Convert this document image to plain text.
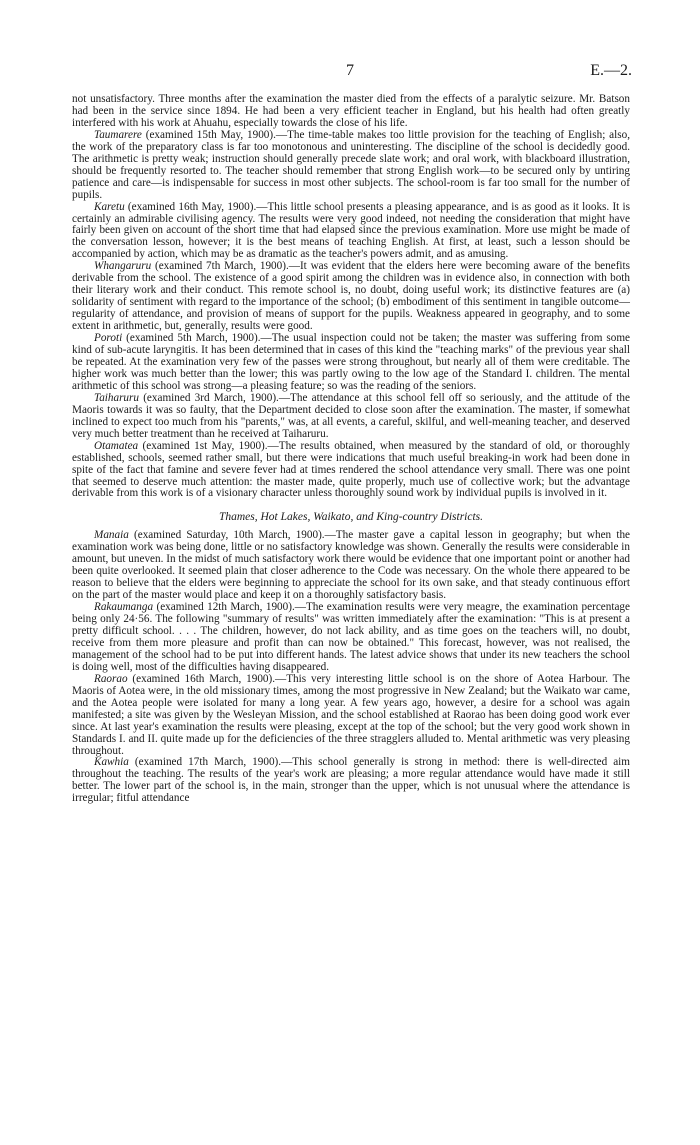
7	E.—2.

not unsatisfactory. Three months after the examination the master died from the effects of a paralytic seizure. Mr. Batson had been in the service since 1894. He had been a very efficient teacher in England, but his health had often greatly interfered with his work at Ahuahu, especially towards the close of his life.

Taumarere (examined 15th May, 1900).—The time-table makes too little provision for the teaching of English; also, the work of the preparatory class is far too monotonous and uninteresting. The discipline of the school is decidedly good. The arithmetic is pretty weak; instruction should generally precede slate work; and oral work, with blackboard illustration, should be frequently resorted to. The teacher should remember that strong English work—to be secured only by untiring patience and care—is indispensable for success in most other subjects. The school-room is far too small for the number of pupils.

Karetu (examined 16th May, 1900).—This little school presents a pleasing appearance, and is as good as it looks. It is certainly an admirable civilising agency. The results were very good indeed, not needing the consideration that might have fairly been given on account of the short time that had elapsed since the previous examination. More use might be made of the conversation lesson, however; it is the best means of teaching English. At first, at least, such a lesson should be accompanied by action, which may be as dramatic as the teacher's powers admit, and as amusing.

Whangaruru (examined 7th March, 1900).—It was evident that the elders here were becoming aware of the benefits derivable from the school. The existence of a good spirit among the children was in evidence also, in connection with both their literary work and their conduct. This remote school is, no doubt, doing useful work; its distinctive features are (a) solidarity of sentiment with regard to the importance of the school; (b) embodiment of this sentiment in tangible outcome—regularity of attendance, and provision of means of support for the pupils. Weakness appeared in geography, and to some extent in arithmetic, but, generally, results were good.

Poroti (examined 5th March, 1900).—The usual inspection could not be taken; the master was suffering from some kind of sub-acute laryngitis. It has been determined that in cases of this kind the "teaching marks" of the previous year shall be repeated. At the examination very few of the passes were strong throughout, but nearly all of them were creditable. The higher work was much better than the lower; this was partly owing to the low age of the Standard I. children. The mental arithmetic of this school was strong—a pleasing feature; so was the reading of the seniors.

Taiharuru (examined 3rd March, 1900).—The attendance at this school fell off so seriously, and the attitude of the Maoris towards it was so faulty, that the Department decided to close soon after the examination. The master, if somewhat inclined to expect too much from his "parents," was, at all events, a careful, skilful, and well-meaning teacher, and deserved very much better treatment than he received at Taiharuru.

Otamatea (examined 1st May, 1900).—The results obtained, when measured by the standard of old, or thoroughly established, schools, seemed rather small, but there were indications that much useful breaking-in work had been done in spite of the fact that famine and severe fever had at times rendered the school attendance very small. There was one point that seemed to deserve much attention: the master made, quite properly, much use of collective work; but the advantage derivable from this work is of a visionary character unless thoroughly sound work by individual pupils is involved in it.

Thames, Hot Lakes, Waikato, and King-country Districts.

Manaia (examined Saturday, 10th March, 1900).—The master gave a capital lesson in geography; but when the examination work was being done, little or no satisfactory knowledge was shown. Generally the results were considerable in amount, but uneven. In the midst of much satisfactory work there would be evidence that one important point or another had been quite overlooked. It seemed plain that closer adherence to the Code was necessary. On the whole there appeared to be reason to believe that the elders were beginning to appreciate the school for its own sake, and that steady continuous effort on the part of the master would place and keep it on a thoroughly satisfactory basis.

Rakaumanga (examined 12th March, 1900).—The examination results were very meagre, the examination percentage being only 24·56. The following "summary of results" was written immediately after the examination: "This is at present a pretty difficult school. . . . The children, however, do not lack ability, and as time goes on the teachers will, no doubt, receive from them more pleasure and profit than can now be obtained." This forecast, however, was not realised, the management of the school had to be put into different hands. The latest advice shows that under its new teachers the school is doing well, most of the difficulties having disappeared.

Raorao (examined 16th March, 1900).—This very interesting little school is on the shore of Aotea Harbour. The Maoris of Aotea were, in the old missionary times, among the most progressive in New Zealand; but the Waikato war came, and the Aotea people were isolated for many a long year. A few years ago, however, a desire for a school was again manifested; a site was given by the Wesleyan Mission, and the school established at Raorao has been doing good work ever since. At last year's examination the results were pleasing, except at the top of the school; but the very good work shown in Standards I. and II. quite made up for the deficiencies of the three stragglers alluded to. Mental arithmetic was very pleasing throughout.

Kawhia (examined 17th March, 1900).—This school generally is strong in method: there is well-directed aim throughout the teaching. The results of the year's work are pleasing; a more regular attendance would have made it still better. The lower part of the school is, in the main, stronger than the upper, which is not unusual where the attendance is irregular; fitful attendance
